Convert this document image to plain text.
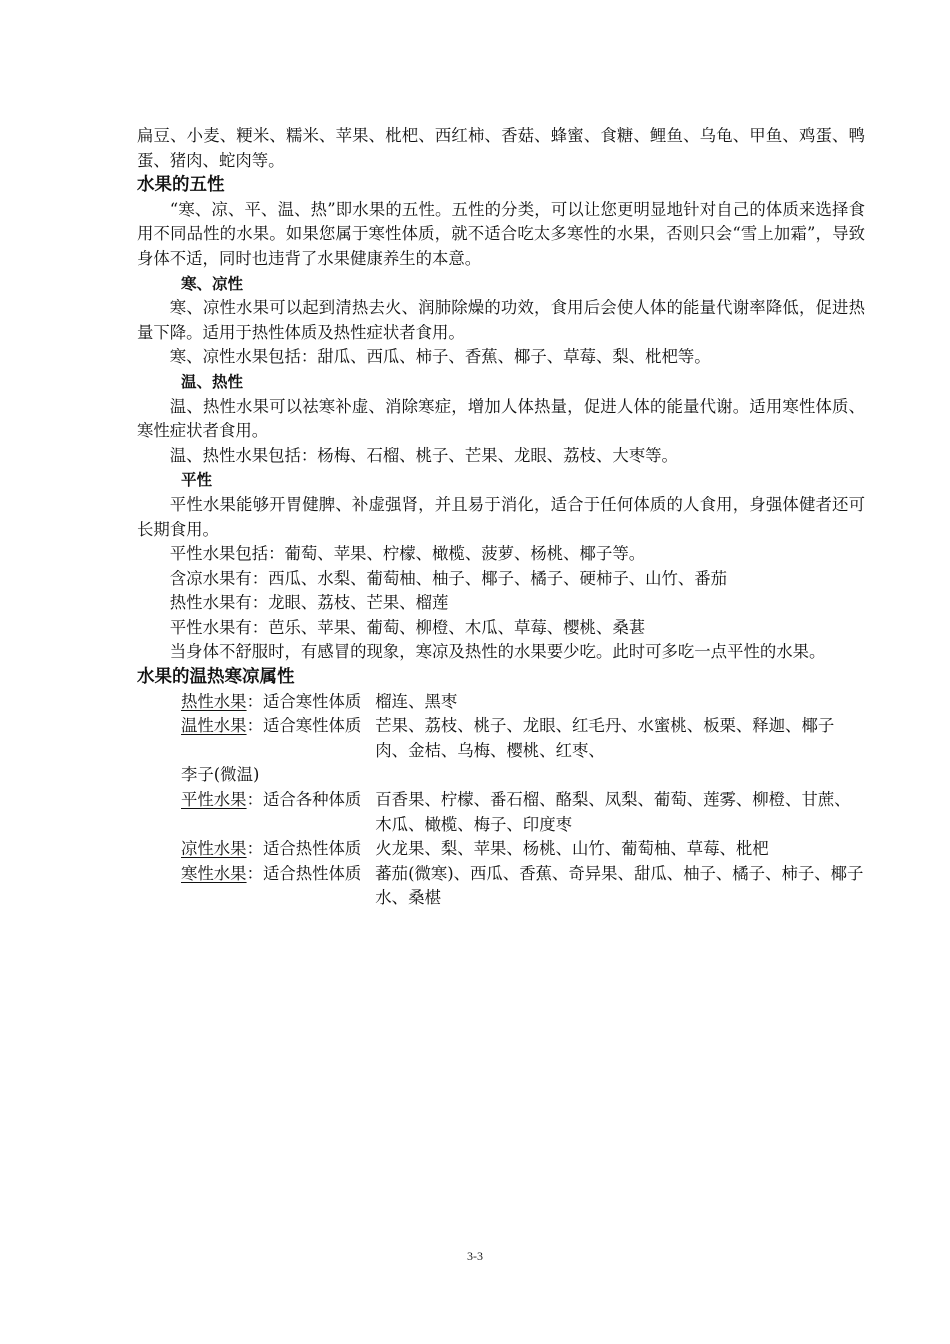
扁豆、小麦、粳米、糯米、苹果、枇杷、西红柿、香菇、蜂蜜、食糖、鲤鱼、乌龟、甲鱼、鸡蛋、鸭蛋、猪肉、蛇肉等。

水果的五性

“寒、凉、平、温、热”即水果的五性。五性的分类，可以让您更明显地针对自己的体质来选择食用不同品性的水果。如果您属于寒性体质，就不适合吃太多寒性的水果，否则只会“雪上加霜”，导致身体不适，同时也违背了水果健康养生的本意。

寒、凉性

寒、凉性水果可以起到清热去火、润肺除燥的功效，食用后会使人体的能量代谢率降低，促进热量下降。适用于热性体质及热性症状者食用。

寒、凉性水果包括：甜瓜、西瓜、柿子、香蕉、椰子、草莓、梨、枇杷等。

温、热性

温、热性水果可以祛寒补虚、消除寒症，增加人体热量，促进人体的能量代谢。适用寒性体质、寒性症状者食用。

温、热性水果包括：杨梅、石榴、桃子、芒果、龙眼、荔枝、大枣等。

平性

平性水果能够开胃健脾、补虚强肾，并且易于消化，适合于任何体质的人食用，身强体健者还可长期食用。

平性水果包括：葡萄、苹果、柠檬、橄榄、菠萝、杨桃、椰子等。

含凉水果有：西瓜、水梨、葡萄柚、柚子、椰子、橘子、硬柿子、山竹、番茄

热性水果有：龙眼、荔枝、芒果、榴莲

平性水果有：芭乐、苹果、葡萄、柳橙、木瓜、草莓、樱桃、桑葚

当身体不舒服时，有感冒的现象，寒凉及热性的水果要少吃。此时可多吃一点平性的水果。

水果的温热寒凉属性
热性水果：适合寒性体质 榴连、黑枣
温性水果：适合寒性体质 芒果、荔枝、桃子、龙眼、红毛丹、水蜜桃、板栗、释迦、椰子肉、金桔、乌梅、樱桃、红枣、

李子(微温)

平性水果：适合各种体质 百香果、柠檬、番石榴、酪梨、凤梨、葡萄、莲雾、柳橙、甘蔗、木瓜、橄榄、梅子、印度枣
凉性水果：适合热性体质 火龙果、梨、苹果、杨桃、山竹、葡萄柚、草莓、枇杷
寒性水果：适合热性体质 蕃茄(微寒)、西瓜、香蕉、奇异果、甜瓜、柚子、橘子、柿子、椰子水、桑椹
3-3
